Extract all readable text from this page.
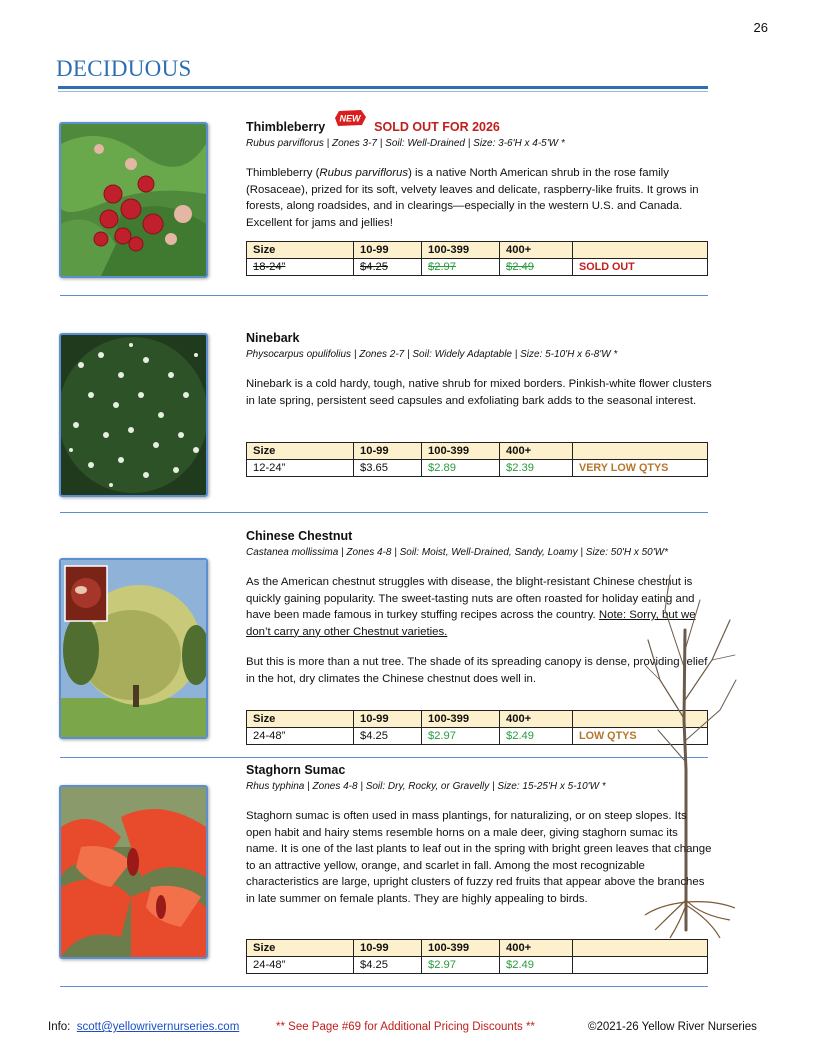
26
DECIDUOUS
Thimbleberry
NEW
SOLD OUT FOR 2026
Rubus parviflorus | Zones 3-7 | Soil: Well-Drained | Size: 3-6'H x 4-5'W *

Thimbleberry (Rubus parviflorus) is a native North American shrub in the rose family (Rosaceae), prized for its soft, velvety leaves and delicate, raspberry-like fruits. It grows in forests, along roadsides, and in clearings—especially in the western U.S. and Canada. Excellent for jams and jellies!

Size	10-99	100-399	400+	
18-24”	$4.25	$2.97	$2.49	SOLD OUT
Ninebark
Physocarpus opulifolius | Zones 2-7 | Soil: Widely Adaptable | Size: 5-10'H x 6-8'W *

Ninebark is a cold hardy, tough, native shrub for mixed borders. Pinkish-white flower clusters in late spring, persistent seed capsules and exfoliating bark adds to the seasonal interest.

Size	10-99	100-399	400+	
12-24”	$3.65	$2.89	$2.39	VERY LOW QTYS
Chinese Chestnut
Castanea mollissima | Zones 4-8 | Soil: Moist, Well-Drained, Sandy, Loamy | Size: 50'H x 50'W*

As the American chestnut struggles with disease, the blight-resistant Chinese chestnut is quickly gaining popularity. The sweet-tasting nuts are often roasted for holiday eating and have been made famous in turkey stuffing recipes across the country. Note: Sorry, but we don’t carry any other Chestnut varieties.

But this is more than a nut tree. The shade of its spreading canopy is dense, providing relief in the hot, dry climates the Chinese chestnut does well in.

Size	10-99	100-399	400+	
24-48”	$4.25	$2.97	$2.49	LOW QTYS
Staghorn Sumac
Rhus typhina | Zones 4-8 | Soil: Dry, Rocky, or Gravelly | Size: 15-25'H x 5-10'W *

Staghorn sumac is often used in mass plantings, for naturalizing, or on steep slopes. Its open habit and hairy stems resemble horns on a male deer, giving staghorn sumac its name. It is one of the last plants to leaf out in the spring with bright green leaves that change to an attractive yellow, orange, and scarlet in fall. Among the most recognizable characteristics are large, upright clusters of fuzzy red fruits that appear above the branches in late summer on female plants. They are highly appealing to birds.

Size	10-99	100-399	400+	
24-48”	$4.25	$2.97	$2.49	
Info: scott@yellowrivernurseries.com	** See Page #69 for Additional Pricing Discounts **	©2021-26 Yellow River Nurseries
